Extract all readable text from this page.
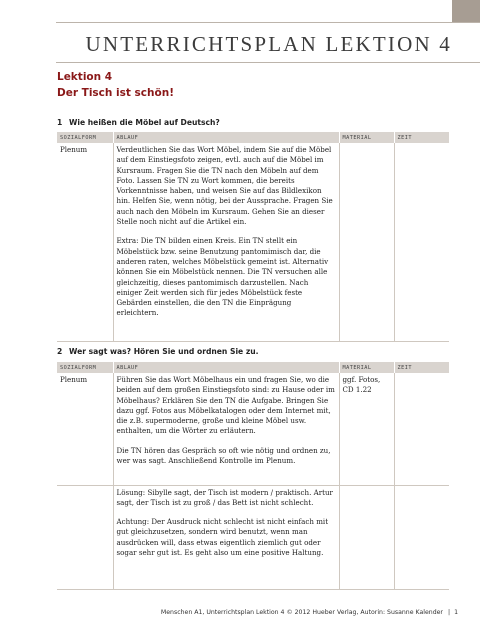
UNTERRICHTSPLAN LEKTION 4
Lektion 4
Der Tisch ist schön!
1 Wie heißen die Möbel auf Deutsch?
SOZIALFORM	ABLAUF	MATERIAL	ZEIT
Plenum	Verdeutlichen Sie das Wort Möbel, indem Sie auf die Möbel auf dem Einstiegsfoto zeigen, evtl. auch auf die Möbel im Kursraum. Fragen Sie die TN nach den Möbeln auf dem Foto. Lassen Sie TN zu Wort kommen, die bereits Vorkenntnisse haben, und weisen Sie auf das Bildlexikon hin. Helfen Sie, wenn nötig, bei der Aussprache. Fragen Sie auch nach den Möbeln im Kursraum. Gehen Sie an dieser Stelle noch nicht auf die Artikel ein.

Extra: Die TN bilden einen Kreis. Ein TN stellt ein Möbelstück bzw. seine Benutzung pantomimisch dar, die anderen raten, welches Möbelstück gemeint ist. Alternativ können Sie ein Möbelstück nennen. Die TN versuchen alle gleichzeitig, dieses pantomimisch darzustellen. Nach einiger Zeit werden sich für jedes Möbelstück feste Gebärden einstellen, die den TN die Einprägung erleichtern.		

2 Wer sagt was? Hören Sie und ordnen Sie zu.
SOZIALFORM	ABLAUF	MATERIAL	ZEIT
Plenum	Führen Sie das Wort Möbelhaus ein und fragen Sie, wo die beiden auf dem großen Einstiegsfoto sind: zu Hause oder im Möbelhaus? Erklären Sie den TN die Aufgabe. Bringen Sie dazu ggf. Fotos aus Möbelkatalogen oder dem Internet mit, die z.B. supermoderne, große und kleine Möbel usw. enthalten, um die Wörter zu erläutern.

Die TN hören das Gespräch so oft wie nötig und ordnen zu, wer was sagt. Anschließend Kontrolle im Plenum.	ggf. Fotos, CD 1.22	

	Lösung: Sibylle sagt, der Tisch ist modern / praktisch. Artur sagt, der Tisch ist zu groß / das Bett ist nicht schlecht.

Achtung: Der Ausdruck nicht schlecht ist nicht einfach mit gut gleichzusetzen, sondern wird benutzt, wenn man ausdrücken will, dass etwas eigentlich ziemlich gut oder sogar sehr gut ist. Es geht also um eine positive Haltung.		

Menschen A1, Unterrichtsplan Lektion 4 © 2012 Hueber Verlag, Autorin: Susanne Kalender | 1
